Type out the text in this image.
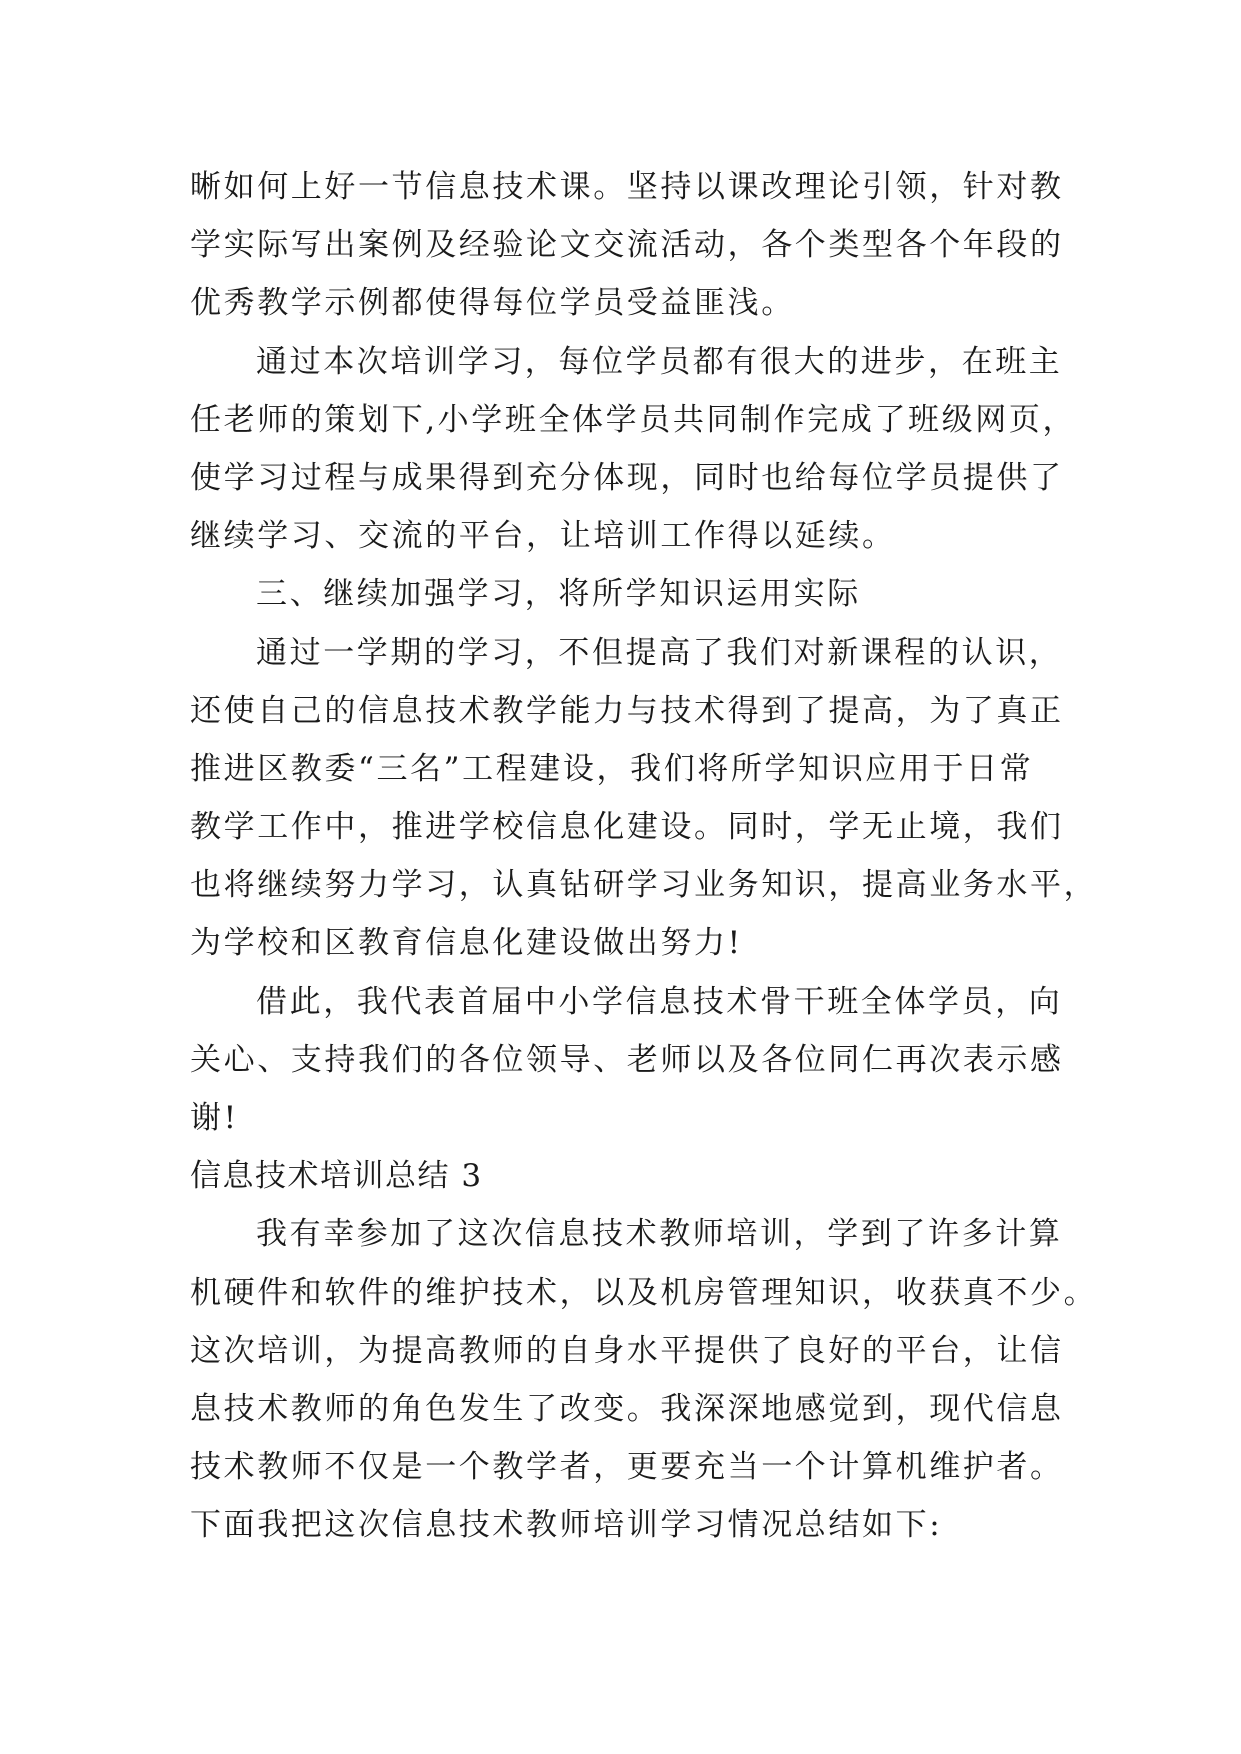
晰如何上好一节信息技术课。坚持以课改理论引领，针对教
学实际写出案例及经验论文交流活动，各个类型各个年段的
优秀教学示例都使得每位学员受益匪浅。
通过本次培训学习，每位学员都有很大的进步，在班主
任老师的策划下,小学班全体学员共同制作完成了班级网页，
使学习过程与成果得到充分体现，同时也给每位学员提供了
继续学习、交流的平台，让培训工作得以延续。
三、继续加强学习，将所学知识运用实际
通过一学期的学习，不但提高了我们对新课程的认识，
还使自己的信息技术教学能力与技术得到了提高，为了真正
推进区教委“三名”工程建设，我们将所学知识应用于日常
教学工作中，推进学校信息化建设。同时，学无止境，我们
也将继续努力学习，认真钻研学习业务知识，提高业务水平，
为学校和区教育信息化建设做出努力!
借此，我代表首届中小学信息技术骨干班全体学员，向
关心、支持我们的各位领导、老师以及各位同仁再次表示感
谢!
信息技术培训总结 3
我有幸参加了这次信息技术教师培训，学到了许多计算
机硬件和软件的维护技术，以及机房管理知识，收获真不少。
这次培训，为提高教师的自身水平提供了良好的平台，让信
息技术教师的角色发生了改变。我深深地感觉到，现代信息
技术教师不仅是一个教学者，更要充当一个计算机维护者。
下面我把这次信息技术教师培训学习情况总结如下:
